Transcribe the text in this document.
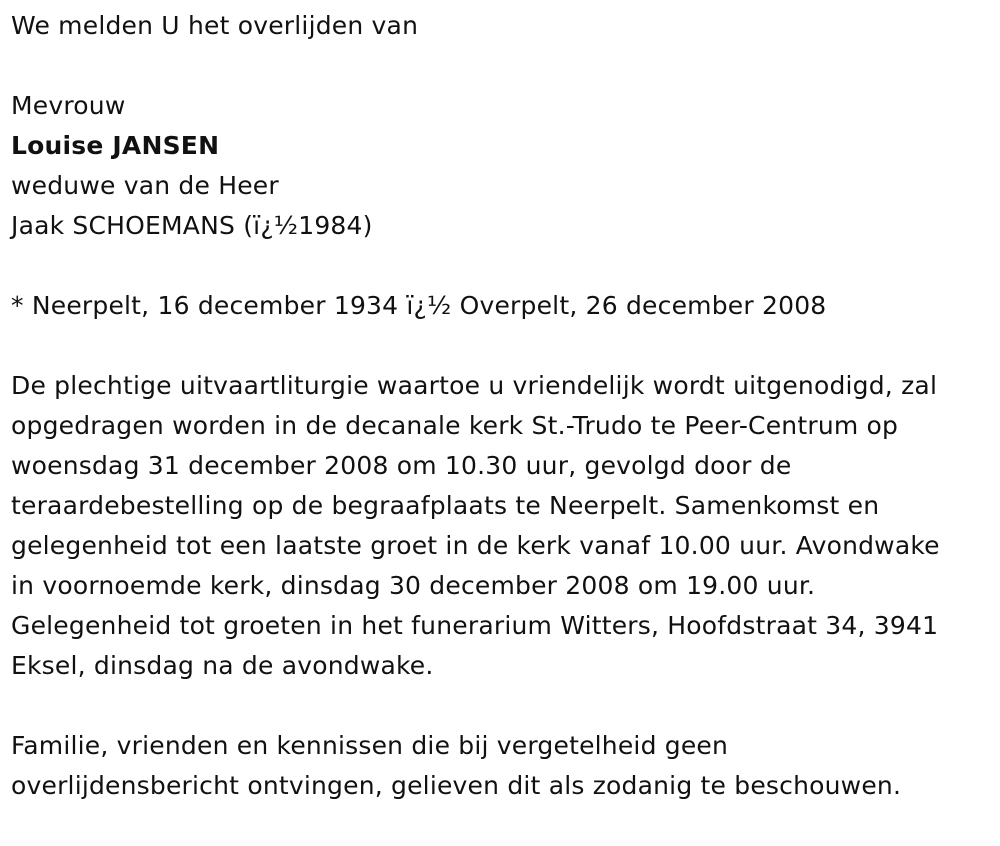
We melden U het overlijden van
Mevrouw
Louise JANSEN
weduwe van de Heer
Jaak SCHOEMANS (ï¿½1984)
* Neerpelt, 16 december 1934 ï¿½ Overpelt, 26 december 2008
De plechtige uitvaartliturgie waartoe u vriendelijk wordt uitgenodigd, zal
opgedragen worden in de decanale kerk St.-Trudo te Peer-Centrum op
woensdag 31 december 2008 om 10.30 uur, gevolgd door de
teraardebestelling op de begraafplaats te Neerpelt. Samenkomst en
gelegenheid tot een laatste groet in de kerk vanaf 10.00 uur. Avondwake
in voornoemde kerk, dinsdag 30 december 2008 om 19.00 uur.
Gelegenheid tot groeten in het funerarium Witters, Hoofdstraat 34, 3941
Eksel, dinsdag na de avondwake.
Familie, vrienden en kennissen die bij vergetelheid geen
overlijdensbericht ontvingen, gelieven dit als zodanig te beschouwen.
